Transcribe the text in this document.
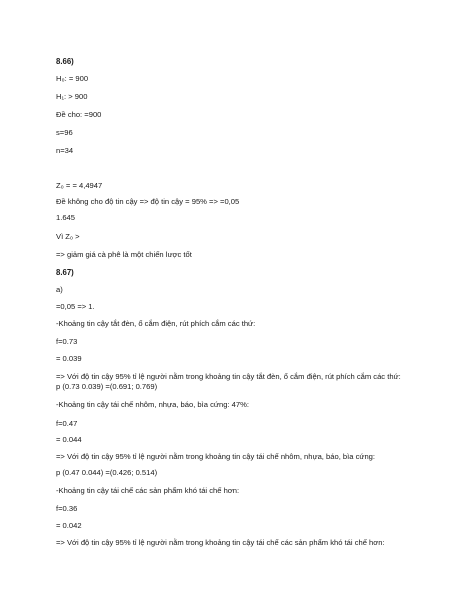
8.66)
H₀: = 900
H₁: > 900
Đề cho: =900
s=96
n=34
Z₀ = = 4,4947
Đề không cho độ tin cậy => độ tin cậy = 95% => =0,05
1.645
Vì Z₀ >
=> giảm giá cà phê là một chiến lược tốt
8.67)
a)
=0,05 => 1.
-Khoảng tin cậy tắt đèn, ổ cắm điện, rút phích cắm các thứ:
f=0.73
= 0.039
=> Với độ tin cậy 95% tỉ lệ người nằm trong khoảng tin cậy tắt đèn, ổ cắm điện, rút phích cắm các thứ:
p (0.73 0.039) =(0.691; 0.769)
-Khoảng tin cậy tái chế nhôm, nhựa, báo, bìa cứng: 47%:
f=0.47
= 0.044
=> Với độ tin cậy 95% tỉ lệ người nằm trong khoảng tin cậy tái chế nhôm, nhựa, báo, bìa cứng:
p (0.47 0.044) =(0.426; 0.514)
-Khoảng tin cậy tái chế các sản phẩm khó tái chế hơn:
f=0.36
= 0.042
=> Với độ tin cậy 95% tỉ lệ người nằm trong khoảng tin cậy tái chế các sản phẩm khó tái chế hơn:
